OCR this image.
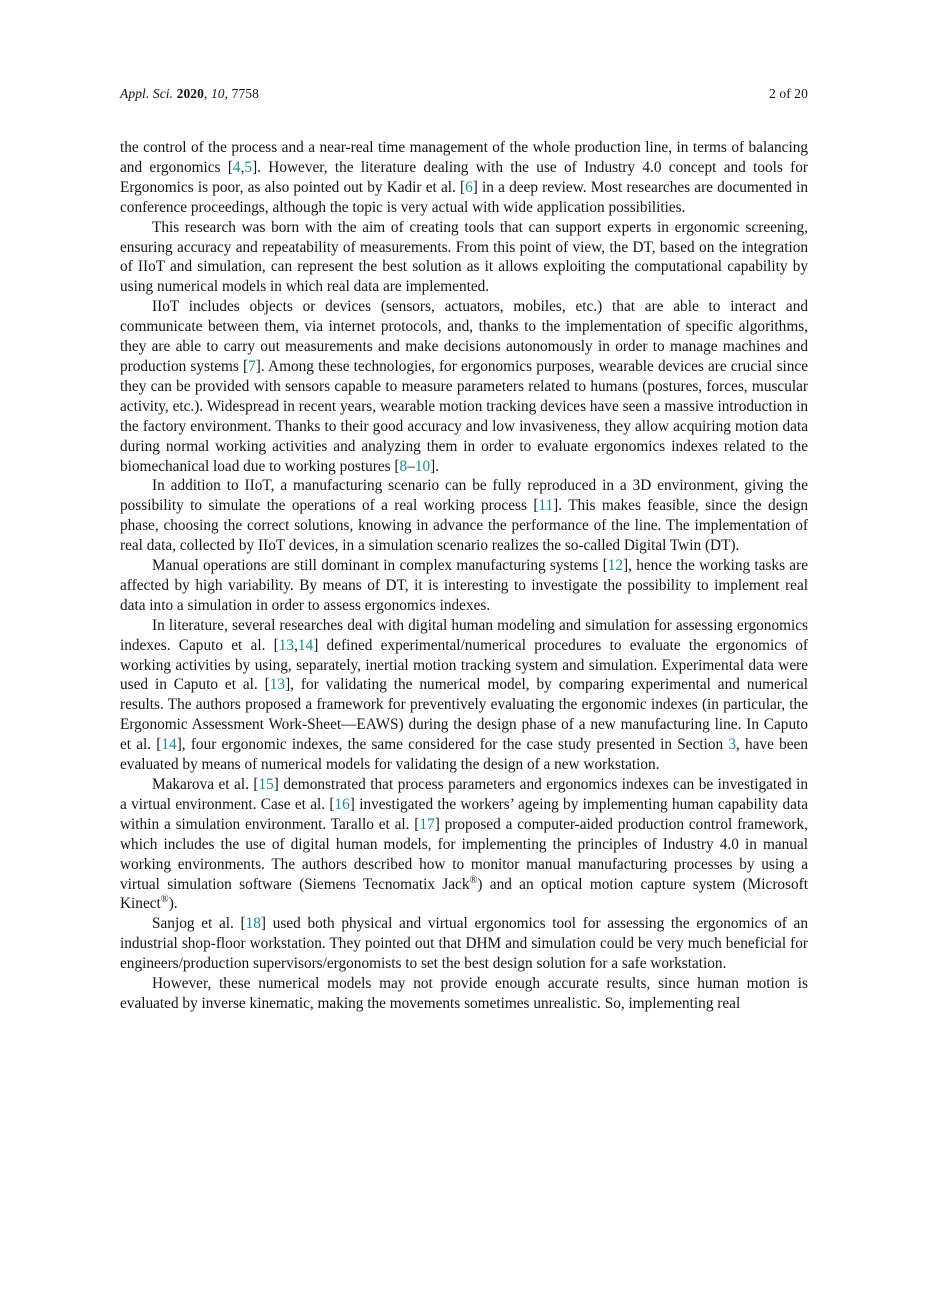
Appl. Sci. 2020, 10, 7758	2 of 20

the control of the process and a near-real time management of the whole production line, in terms of balancing and ergonomics [4,5]. However, the literature dealing with the use of Industry 4.0 concept and tools for Ergonomics is poor, as also pointed out by Kadir et al. [6] in a deep review. Most researches are documented in conference proceedings, although the topic is very actual with wide application possibilities.

This research was born with the aim of creating tools that can support experts in ergonomic screening, ensuring accuracy and repeatability of measurements. From this point of view, the DT, based on the integration of IIoT and simulation, can represent the best solution as it allows exploiting the computational capability by using numerical models in which real data are implemented.

IIoT includes objects or devices (sensors, actuators, mobiles, etc.) that are able to interact and communicate between them, via internet protocols, and, thanks to the implementation of specific algorithms, they are able to carry out measurements and make decisions autonomously in order to manage machines and production systems [7]. Among these technologies, for ergonomics purposes, wearable devices are crucial since they can be provided with sensors capable to measure parameters related to humans (postures, forces, muscular activity, etc.). Widespread in recent years, wearable motion tracking devices have seen a massive introduction in the factory environment. Thanks to their good accuracy and low invasiveness, they allow acquiring motion data during normal working activities and analyzing them in order to evaluate ergonomics indexes related to the biomechanical load due to working postures [8–10].

In addition to IIoT, a manufacturing scenario can be fully reproduced in a 3D environment, giving the possibility to simulate the operations of a real working process [11]. This makes feasible, since the design phase, choosing the correct solutions, knowing in advance the performance of the line. The implementation of real data, collected by IIoT devices, in a simulation scenario realizes the so-called Digital Twin (DT).

Manual operations are still dominant in complex manufacturing systems [12], hence the working tasks are affected by high variability. By means of DT, it is interesting to investigate the possibility to implement real data into a simulation in order to assess ergonomics indexes.

In literature, several researches deal with digital human modeling and simulation for assessing ergonomics indexes. Caputo et al. [13,14] defined experimental/numerical procedures to evaluate the ergonomics of working activities by using, separately, inertial motion tracking system and simulation. Experimental data were used in Caputo et al. [13], for validating the numerical model, by comparing experimental and numerical results. The authors proposed a framework for preventively evaluating the ergonomic indexes (in particular, the Ergonomic Assessment Work-Sheet—EAWS) during the design phase of a new manufacturing line. In Caputo et al. [14], four ergonomic indexes, the same considered for the case study presented in Section 3, have been evaluated by means of numerical models for validating the design of a new workstation.

Makarova et al. [15] demonstrated that process parameters and ergonomics indexes can be investigated in a virtual environment. Case et al. [16] investigated the workers’ ageing by implementing human capability data within a simulation environment. Tarallo et al. [17] proposed a computer-aided production control framework, which includes the use of digital human models, for implementing the principles of Industry 4.0 in manual working environments. The authors described how to monitor manual manufacturing processes by using a virtual simulation software (Siemens Tecnomatix Jack®) and an optical motion capture system (Microsoft Kinect®).

Sanjog et al. [18] used both physical and virtual ergonomics tool for assessing the ergonomics of an industrial shop-floor workstation. They pointed out that DHM and simulation could be very much beneficial for engineers/production supervisors/ergonomists to set the best design solution for a safe workstation.

However, these numerical models may not provide enough accurate results, since human motion is evaluated by inverse kinematic, making the movements sometimes unrealistic. So, implementing real
